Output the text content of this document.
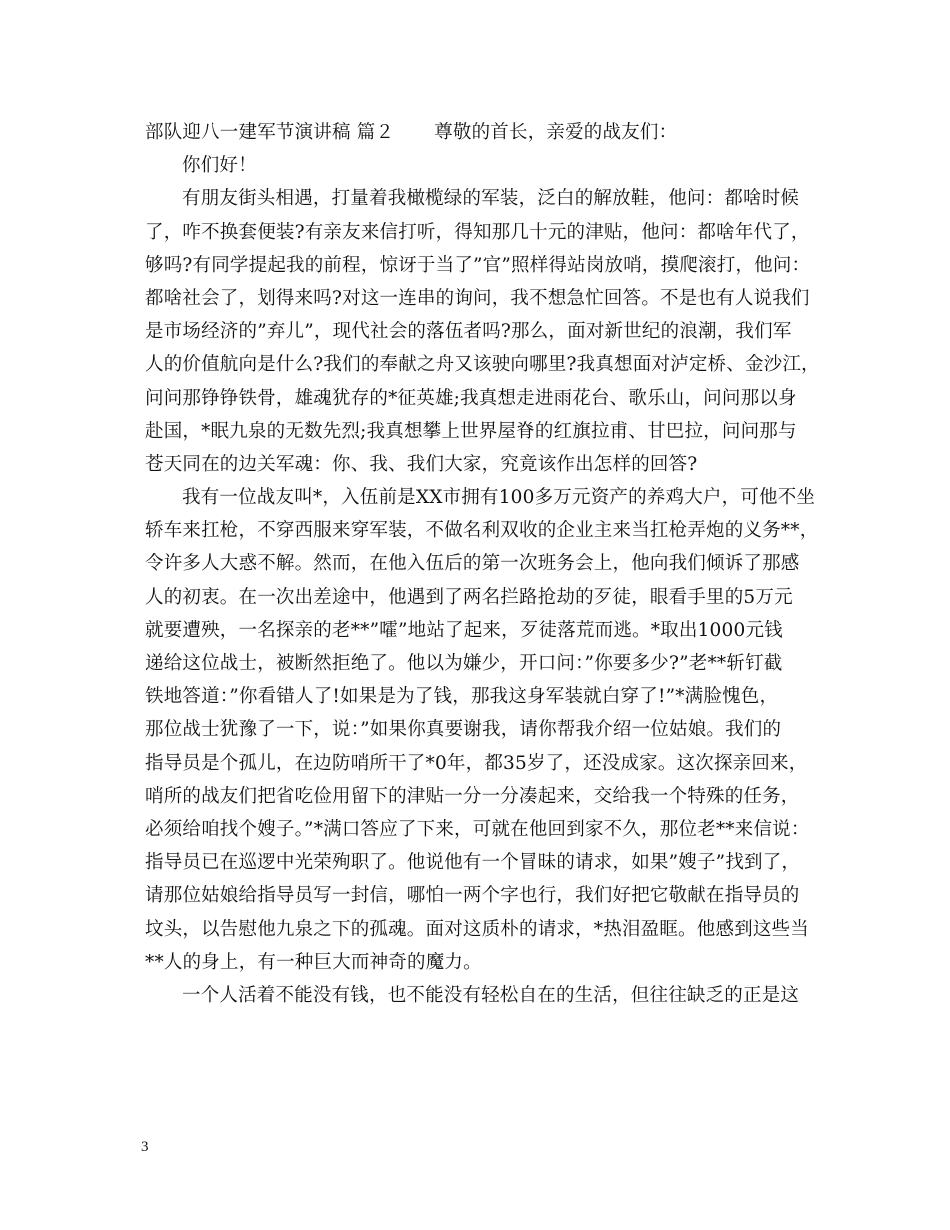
部队迎八一建军节演讲稿 篇２ 尊敬的首长，亲爱的战友们：
你们好！
有朋友街头相遇，打量着我橄榄绿的军装，泛白的解放鞋，他问：都啥时候
了，咋不换套便装?有亲友来信打听，得知那几十元的津贴，他问：都啥年代了，
够吗?有同学提起我的前程，惊讶于当了”官”照样得站岗放哨，摸爬滚打，他问：
都啥社会了，划得来吗?对这一连串的询问，我不想急忙回答。不是也有人说我们
是市场经济的”弃儿”，现代社会的落伍者吗?那么，面对新世纪的浪潮，我们军
人的价值航向是什么?我们的奉献之舟又该驶向哪里?我真想面对泸定桥、金沙江，
问问那铮铮铁骨，雄魂犹存的*征英雄;我真想走进雨花台、歌乐山，问问那以身
赴国，*眠九泉的无数先烈;我真想攀上世界屋脊的红旗拉甫、甘巴拉，问问那与
苍天同在的边关军魂：你、我、我们大家，究竟该作出怎样的回答?
我有一位战友叫*，入伍前是XX市拥有100多万元资产的养鸡大户，可他不坐
轿车来扛枪，不穿西服来穿军装，不做名利双收的企业主来当扛枪弄炮的义务**，
令许多人大惑不解。然而，在他入伍后的第一次班务会上，他向我们倾诉了那感
人的初衷。在一次出差途中，他遇到了两名拦路抢劫的歹徒，眼看手里的5万元
就要遭殃，一名探亲的老**”嚯”地站了起来，歹徒落荒而逃。*取出1000元钱
递给这位战士，被断然拒绝了。他以为嫌少，开口问：”你要多少?”老**斩钉截
铁地答道：”你看错人了!如果是为了钱，那我这身军装就白穿了!”*满脸愧色，
那位战士犹豫了一下，说：”如果你真要谢我，请你帮我介绍一位姑娘。我们的
指导员是个孤儿，在边防哨所干了*0年，都35岁了，还没成家。这次探亲回来，
哨所的战友们把省吃俭用留下的津贴一分一分凑起来，交给我一个特殊的任务，
必须给咱找个嫂子。”*满口答应了下来，可就在他回到家不久，那位老**来信说：
指导员已在巡逻中光荣殉职了。他说他有一个冒昧的请求，如果”嫂子”找到了，
请那位姑娘给指导员写一封信，哪怕一两个字也行，我们好把它敬献在指导员的
坟头，以告慰他九泉之下的孤魂。面对这质朴的请求，*热泪盈眶。他感到这些当
**人的身上，有一种巨大而神奇的魔力。
一个人活着不能没有钱，也不能没有轻松自在的生活，但往往缺乏的正是这
3
